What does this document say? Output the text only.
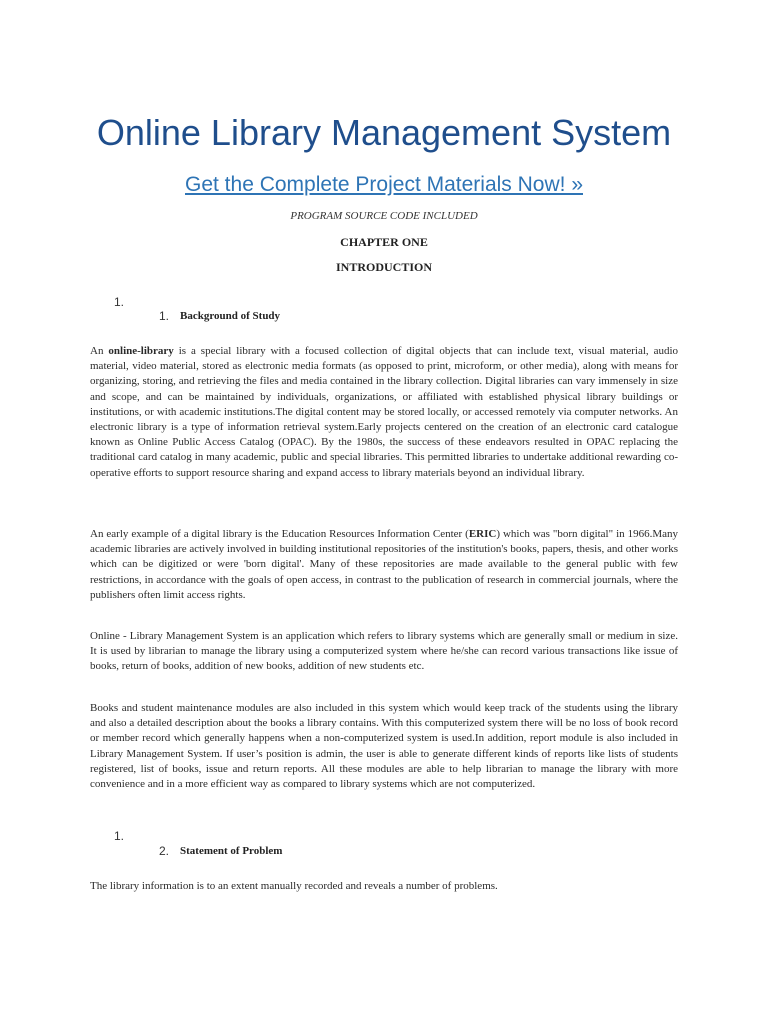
Online Library Management System
Get the Complete Project Materials Now! »
PROGRAM SOURCE CODE INCLUDED
CHAPTER ONE
INTRODUCTION
1.
1. Background of Study

An online-library is a special library with a focused collection of digital objects that can include text, visual material, audio material, video material, stored as electronic media formats (as opposed to print, microform, or other media), along with means for organizing, storing, and retrieving the files and media contained in the library collection. Digital libraries can vary immensely in size and scope, and can be maintained by individuals, organizations, or affiliated with established physical library buildings or institutions, or with academic institutions.The digital content may be stored locally, or accessed remotely via computer networks. An electronic library is a type of information retrieval system.Early projects centered on the creation of an electronic card catalogue known as Online Public Access Catalog (OPAC). By the 1980s, the success of these endeavors resulted in OPAC replacing the traditional card catalog in many academic, public and special libraries. This permitted libraries to undertake additional rewarding co-operative efforts to support resource sharing and expand access to library materials beyond an individual library.

An early example of a digital library is the Education Resources Information Center (ERIC) which was "born digital" in 1966.Many academic libraries are actively involved in building institutional repositories of the institution's books, papers, thesis, and other works which can be digitized or were 'born digital'. Many of these repositories are made available to the general public with few restrictions, in accordance with the goals of open access, in contrast to the publication of research in commercial journals, where the publishers often limit access rights.

Online - Library Management System is an application which refers to library systems which are generally small or medium in size. It is used by librarian to manage the library using a computerized system where he/she can record various transactions like issue of books, return of books, addition of new books, addition of new students etc.

Books and student maintenance modules are also included in this system which would keep track of the students using the library and also a detailed description about the books a library contains. With this computerized system there will be no loss of book record or member record which generally happens when a non-computerized system is used.In addition, report module is also included in Library Management System. If user’s position is admin, the user is able to generate different kinds of reports like lists of students registered, list of books, issue and return reports. All these modules are able to help librarian to manage the library with more convenience and in a more efficient way as compared to library systems which are not computerized.

1.
2. Statement of Problem

The library information is to an extent manually recorded and reveals a number of problems.
